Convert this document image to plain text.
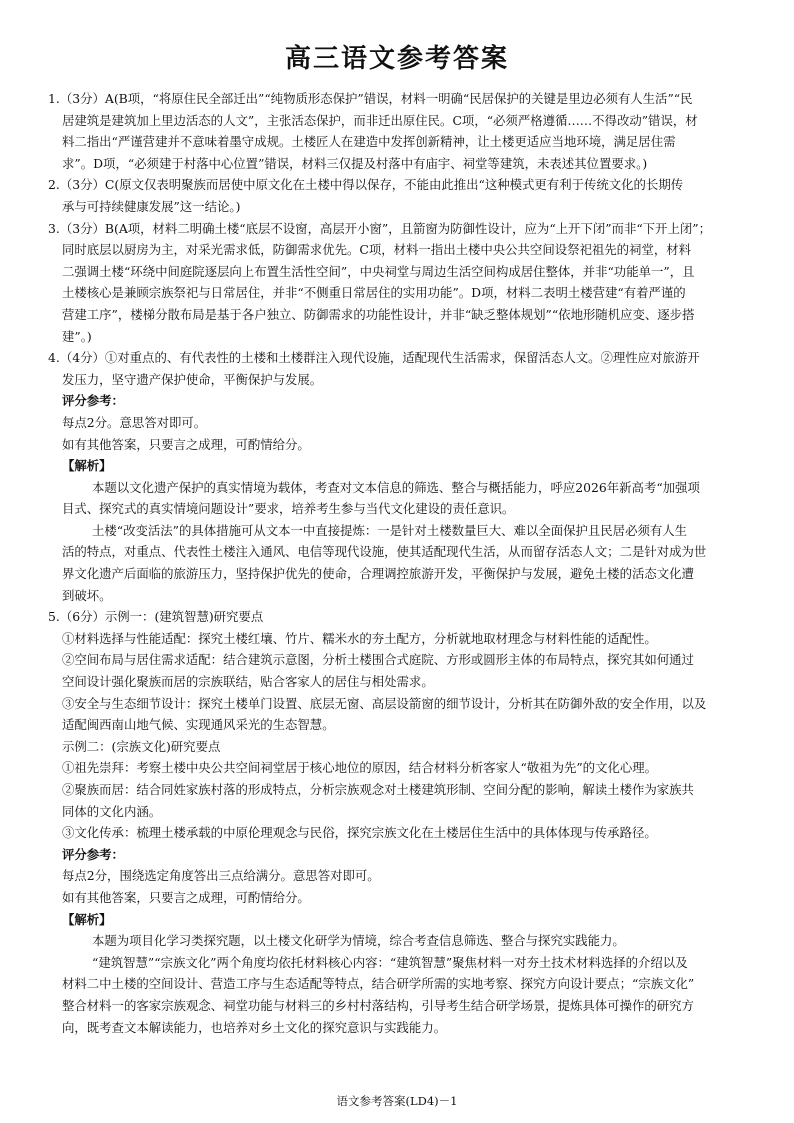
高三语文参考答案
1.（3分）A(B项，“将原住民全部迁出”“纯物质形态保护”错误，材料一明确“民居保护的关键是里边必须有人生活”“民
居建筑是建筑加上里边活态的人文”，主张活态保护，而非迁出原住民。C项，“必须严格遵循……不得改动”错误，材
料二指出“严谨营建并不意味着墨守成规。土楼匠人在建造中发挥创新精神，让土楼更适应当地环境，满足居住需
求”。D项，“必须建于村落中心位置”错误，材料三仅提及村落中有庙宇、祠堂等建筑，未表述其位置要求。)
2.（3分）C(原文仅表明聚族而居使中原文化在土楼中得以保存，不能由此推出“这种模式更有利于传统文化的长期传
承与可持续健康发展”这一结论。)
3.（3分）B(A项，材料二明确土楼“底层不设窗，高层开小窗”，且箭窗为防御性设计，应为“上开下闭”而非“下开上闭”；
同时底层以厨房为主，对采光需求低，防御需求优先。C项，材料一指出土楼中央公共空间设祭祀祖先的祠堂，材料
二强调土楼“环绕中间庭院逐层向上布置生活性空间”，中央祠堂与周边生活空间构成居住整体，并非“功能单一”，且
土楼核心是兼顾宗族祭祀与日常居住，并非“不侧重日常居住的实用功能”。D项，材料二表明土楼营建“有着严谨的
营建工序”，楼梯分散布局是基于各户独立、防御需求的功能性设计，并非“缺乏整体规划”“依地形随机应变、逐步搭
建”。)
4.（4分）①对重点的、有代表性的土楼和土楼群注入现代设施，适配现代生活需求，保留活态人文。②理性应对旅游开
发压力，坚守遗产保护使命，平衡保护与发展。
评分参考：
每点2分。意思答对即可。
如有其他答案，只要言之成理，可酌情给分。
【解析】
本题以文化遗产保护的真实情境为载体，考查对文本信息的筛选、整合与概括能力，呼应2026年新高考“加强项
目式、探究式的真实情境问题设计”要求，培养考生参与当代文化建设的责任意识。
土楼“改变活法”的具体措施可从文本一中直接提炼：一是针对土楼数量巨大、难以全面保护且民居必须有人生
活的特点，对重点、代表性土楼注入通风、电信等现代设施，使其适配现代生活，从而留存活态人文；二是针对成为世
界文化遗产后面临的旅游压力，坚持保护优先的使命，合理调控旅游开发，平衡保护与发展，避免土楼的活态文化遭
到破坏。
5.（6分）示例一：(建筑智慧)研究要点
①材料选择与性能适配：探究土楼红壤、竹片、糯米水的夯土配方，分析就地取材理念与材料性能的适配性。
②空间布局与居住需求适配：结合建筑示意图，分析土楼围合式庭院、方形或圆形主体的布局特点，探究其如何通过
空间设计强化聚族而居的宗族联结，贴合客家人的居住与相处需求。
③安全与生态细节设计：探究土楼单门设置、底层无窗、高层设箭窗的细节设计，分析其在防御外敌的安全作用，以及
适配闽西南山地气候、实现通风采光的生态智慧。
示例二：(宗族文化)研究要点
①祖先崇拜：考察土楼中央公共空间祠堂居于核心地位的原因，结合材料分析客家人“敬祖为先”的文化心理。
②聚族而居：结合同姓家族村落的形成特点，分析宗族观念对土楼建筑形制、空间分配的影响，解读土楼作为家族共
同体的文化内涵。
③文化传承：梳理土楼承载的中原伦理观念与民俗，探究宗族文化在土楼居住生活中的具体体现与传承路径。
评分参考：
每点2分，围绕选定角度答出三点给满分。意思答对即可。
如有其他答案，只要言之成理，可酌情给分。
【解析】
本题为项目化学习类探究题，以土楼文化研学为情境，综合考查信息筛选、整合与探究实践能力。
“建筑智慧”“宗族文化”两个角度均依托材料核心内容：“建筑智慧”聚焦材料一对夯土技术材料选择的介绍以及
材料二中土楼的空间设计、营造工序与生态适配等特点，结合研学所需的实地考察、探究方向设计要点；“宗族文化”
整合材料一的客家宗族观念、祠堂功能与材料三的乡村村落结构，引导考生结合研学场景，提炼具体可操作的研究方
向，既考查文本解读能力，也培养对乡土文化的探究意识与实践能力。
语文参考答案(LD4)－1
